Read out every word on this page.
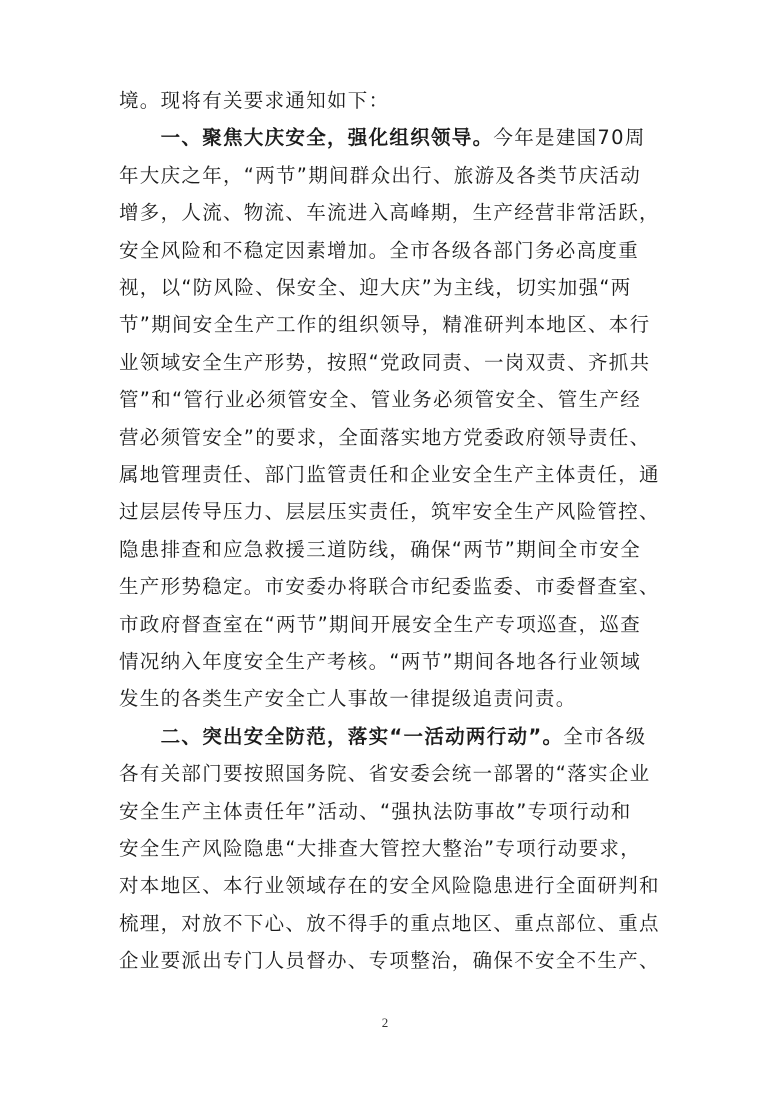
境。现将有关要求通知如下：
　　一、聚焦大庆安全，强化组织领导。今年是建国70周
年大庆之年，“两节”期间群众出行、旅游及各类节庆活动
增多，人流、物流、车流进入高峰期，生产经营非常活跃，
安全风险和不稳定因素增加。全市各级各部门务必高度重
视，以“防风险、保安全、迎大庆”为主线，切实加强“两
节”期间安全生产工作的组织领导，精准研判本地区、本行
业领域安全生产形势，按照“党政同责、一岗双责、齐抓共
管”和“管行业必须管安全、管业务必须管安全、管生产经
营必须管安全”的要求，全面落实地方党委政府领导责任、
属地管理责任、部门监管责任和企业安全生产主体责任，通
过层层传导压力、层层压实责任，筑牢安全生产风险管控、
隐患排查和应急救援三道防线，确保“两节”期间全市安全
生产形势稳定。市安委办将联合市纪委监委、市委督查室、
市政府督查室在“两节”期间开展安全生产专项巡查，巡查
情况纳入年度安全生产考核。“两节”期间各地各行业领域
发生的各类生产安全亡人事故一律提级追责问责。
　　二、突出安全防范，落实“一活动两行动”。全市各级
各有关部门要按照国务院、省安委会统一部署的“落实企业
安全生产主体责任年”活动、“强执法防事故”专项行动和
安全生产风险隐患“大排查大管控大整治”专项行动要求，
对本地区、本行业领域存在的安全风险隐患进行全面研判和
梳理，对放不下心、放不得手的重点地区、重点部位、重点
企业要派出专门人员督办、专项整治，确保不安全不生产、
2
